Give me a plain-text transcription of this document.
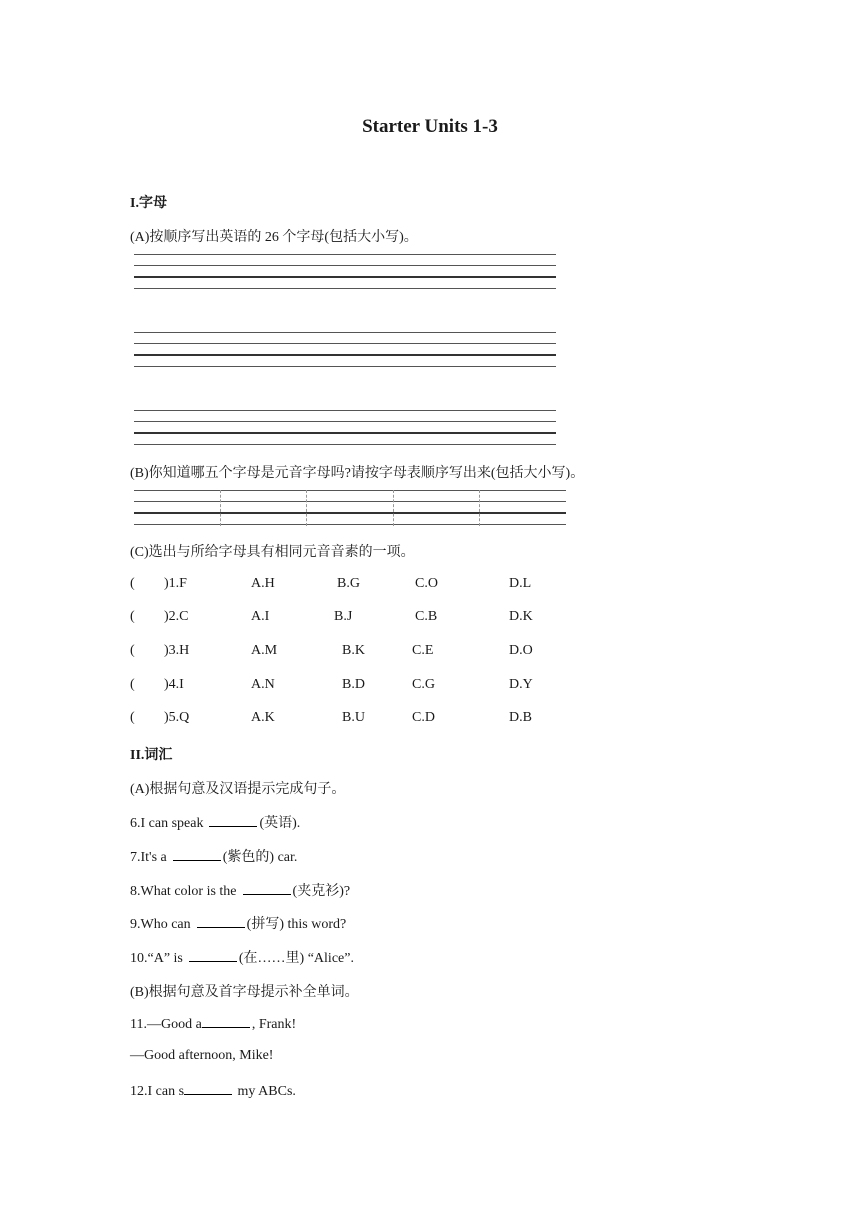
Starter Units 1-3
I.字母
(A)按顺序写出英语的 26 个字母(包括大小写)。
(B)你知道哪五个字母是元音字母吗?请按字母表顺序写出来(包括大小写)。
(C)选出与所给字母具有相同元音音素的一项。
( )1.F	A.H	B.G	C.O	D.L
( )2.C	A.I	B.J	C.B	D.K
( )3.H	A.M	B.K	C.E	D.O
( )4.I	A.N	B.D	C.G	D.Y
( )5.Q	A.K	B.U	C.D	D.B
II.词汇
(A)根据句意及汉语提示完成句子。
6.I can speak	(英语).
7.It's a	(紫色的) car.
8.What color is the	(夹克衫)?
9.Who can	(拼写) this word?
10.“A” is	(在……里) “Alice”.
(B)根据句意及首字母提示补全单词。
11.—Good a	, Frank!
—Good afternoon, Mike!
12.I can s	my ABCs.
